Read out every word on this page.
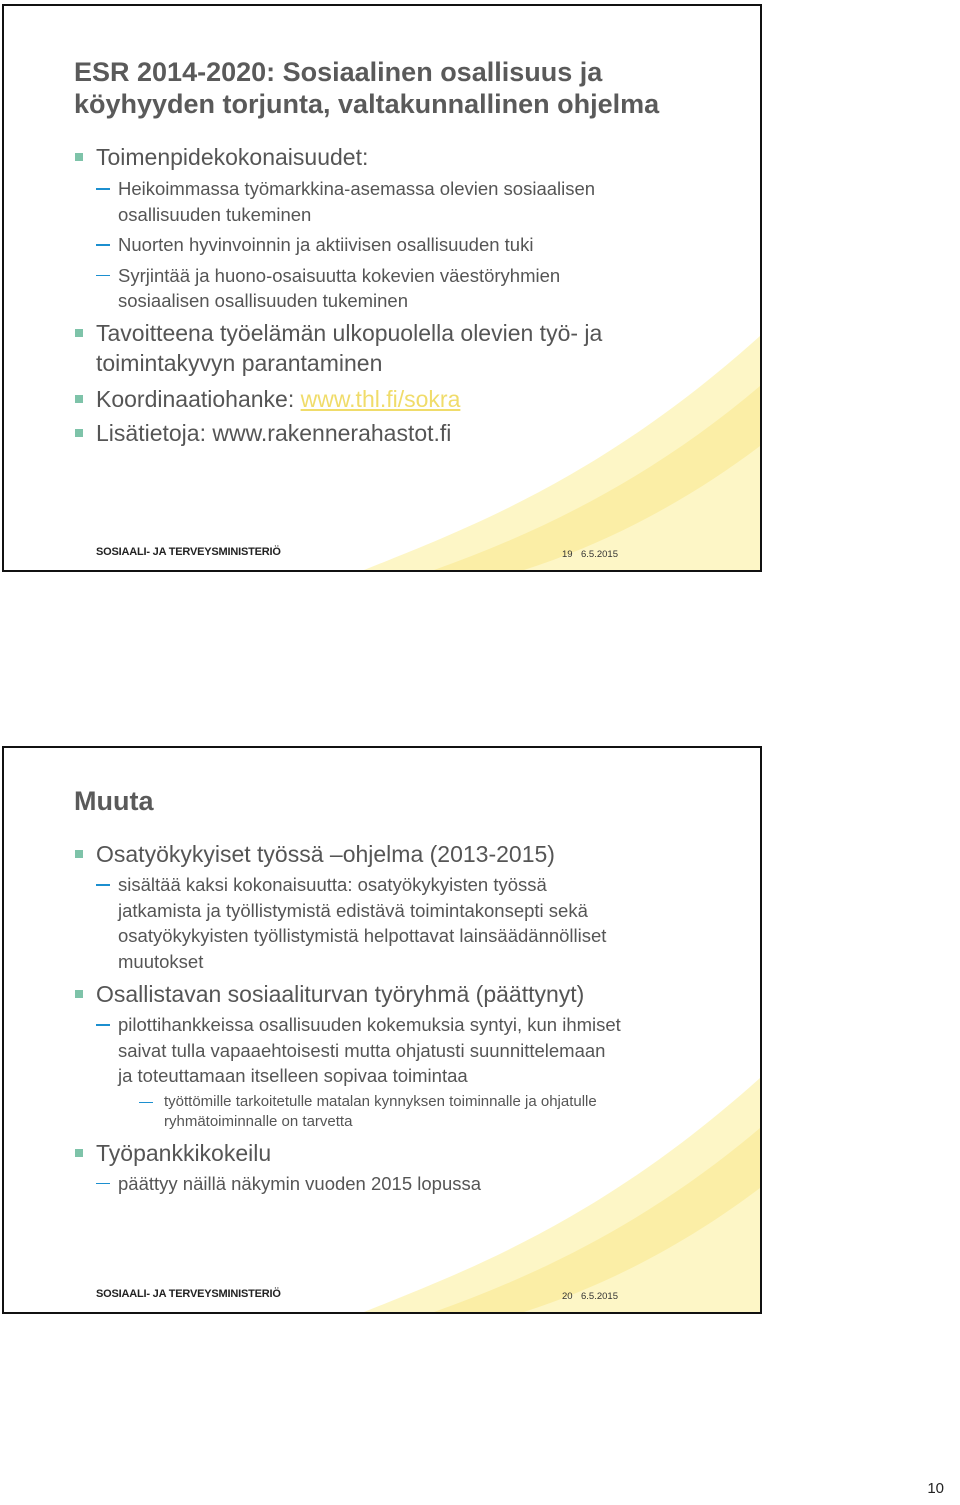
ESR 2014-2020: Sosiaalinen osallisuus ja
köyhyyden torjunta, valtakunnallinen ohjelma
Toimenpidekokonaisuudet:
Heikoimmassa työmarkkina-asemassa olevien sosiaalisen
osallisuuden tukeminen
Nuorten hyvinvoinnin ja aktiivisen osallisuuden tuki
Syrjintää ja huono-osaisuutta kokevien väestöryhmien
sosiaalisen osallisuuden tukeminen
Tavoitteena työelämän ulkopuolella olevien työ- ja
toimintakyvyn parantaminen
Koordinaatiohanke: www.thl.fi/sokra
Lisätietoja: www.rakennerahastot.fi
SOSIAALI- JA TERVEYSMINISTERIÖ	19 6.5.2015
Muuta
Osatyökykyiset työssä –ohjelma (2013-2015)
sisältää kaksi kokonaisuutta: osatyökykyisten työssä
jatkamista ja työllistymistä edistävä toimintakonsepti sekä
osatyökykyisten työllistymistä helpottavat lainsäädännölliset
muutokset
Osallistavan sosiaaliturvan työryhmä (päättynyt)
pilottihankkeissa osallisuuden kokemuksia syntyi, kun ihmiset
saivat tulla vapaaehtoisesti mutta ohjatusti suunnittelemaan
ja toteuttamaan itselleen sopivaa toimintaa
työttömille tarkoitetulle matalan kynnyksen toiminnalle ja ohjatulle
ryhmätoiminnalle on tarvetta
Työpankkikokeilu
päättyy näillä näkymin vuoden 2015 lopussa
SOSIAALI- JA TERVEYSMINISTERIÖ	20 6.5.2015
10
